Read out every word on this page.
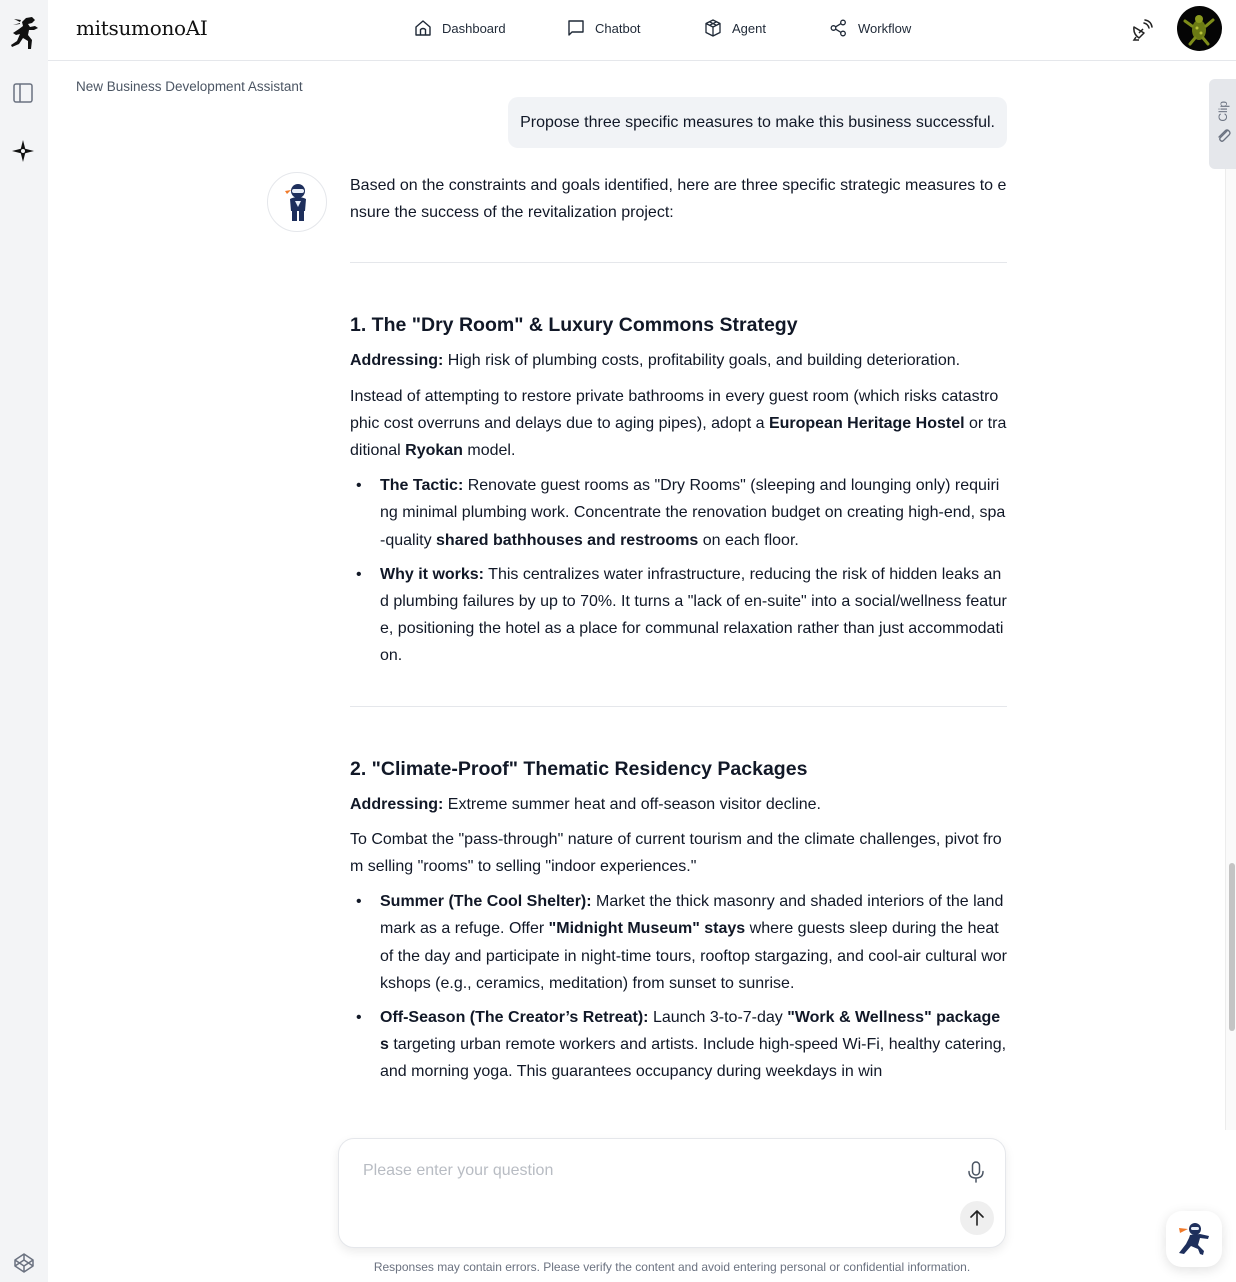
mitsumonoAI	Dashboard	Chatbot	Agent	Workflow
New Business Development Assistant
Clip
Propose three specific measures to make this business successful.

Based on the constraints and goals identified, here are three specific strategic measures to ensure the success of the revitalization project:

1. The "Dry Room" & Luxury Commons Strategy

Addressing: High risk of plumbing costs, profitability goals, and building deterioration.

Instead of attempting to restore private bathrooms in every guest room (which risks catastrophic cost overruns and delays due to aging pipes), adopt a European Heritage Hostel or traditional Ryokan model.

• The Tactic: Renovate guest rooms as "Dry Rooms" (sleeping and lounging only) requiring minimal plumbing work. Concentrate the renovation budget on creating high-end, spa-quality shared bathhouses and restrooms on each floor.
• Why it works: This centralizes water infrastructure, reducing the risk of hidden leaks and plumbing failures by up to 70%. It turns a "lack of en-suite" into a social/wellness feature, positioning the hotel as a place for communal relaxation rather than just accommodation.
2. "Climate-Proof" Thematic Residency Packages

Addressing: Extreme summer heat and off-season visitor decline.

To Combat the "pass-through" nature of current tourism and the climate challenges, pivot from selling "rooms" to selling "indoor experiences."

• Summer (The Cool Shelter): Market the thick masonry and shaded interiors of the landmark as a refuge. Offer "Midnight Museum" stays where guests sleep during the heat of the day and participate in night-time tours, rooftop stargazing, and cool-air cultural workshops (e.g., ceramics, meditation) from sunset to sunrise.
• Off-Season (The Creator’s Retreat): Launch 3-to-7-day "Work & Wellness" packages targeting urban remote workers and artists. Include high-speed Wi-Fi, healthy catering, and morning yoga. This guarantees occupancy during weekdays in win
Please enter your question
Responses may contain errors. Please verify the content and avoid entering personal or confidential information.
